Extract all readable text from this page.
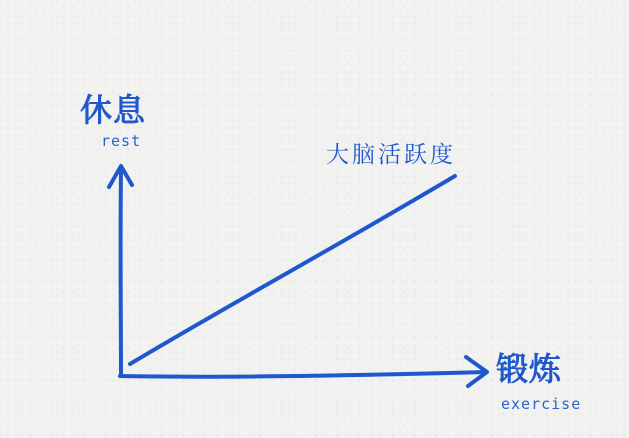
休息
rest
大脑活跃度
锻炼
exercise
